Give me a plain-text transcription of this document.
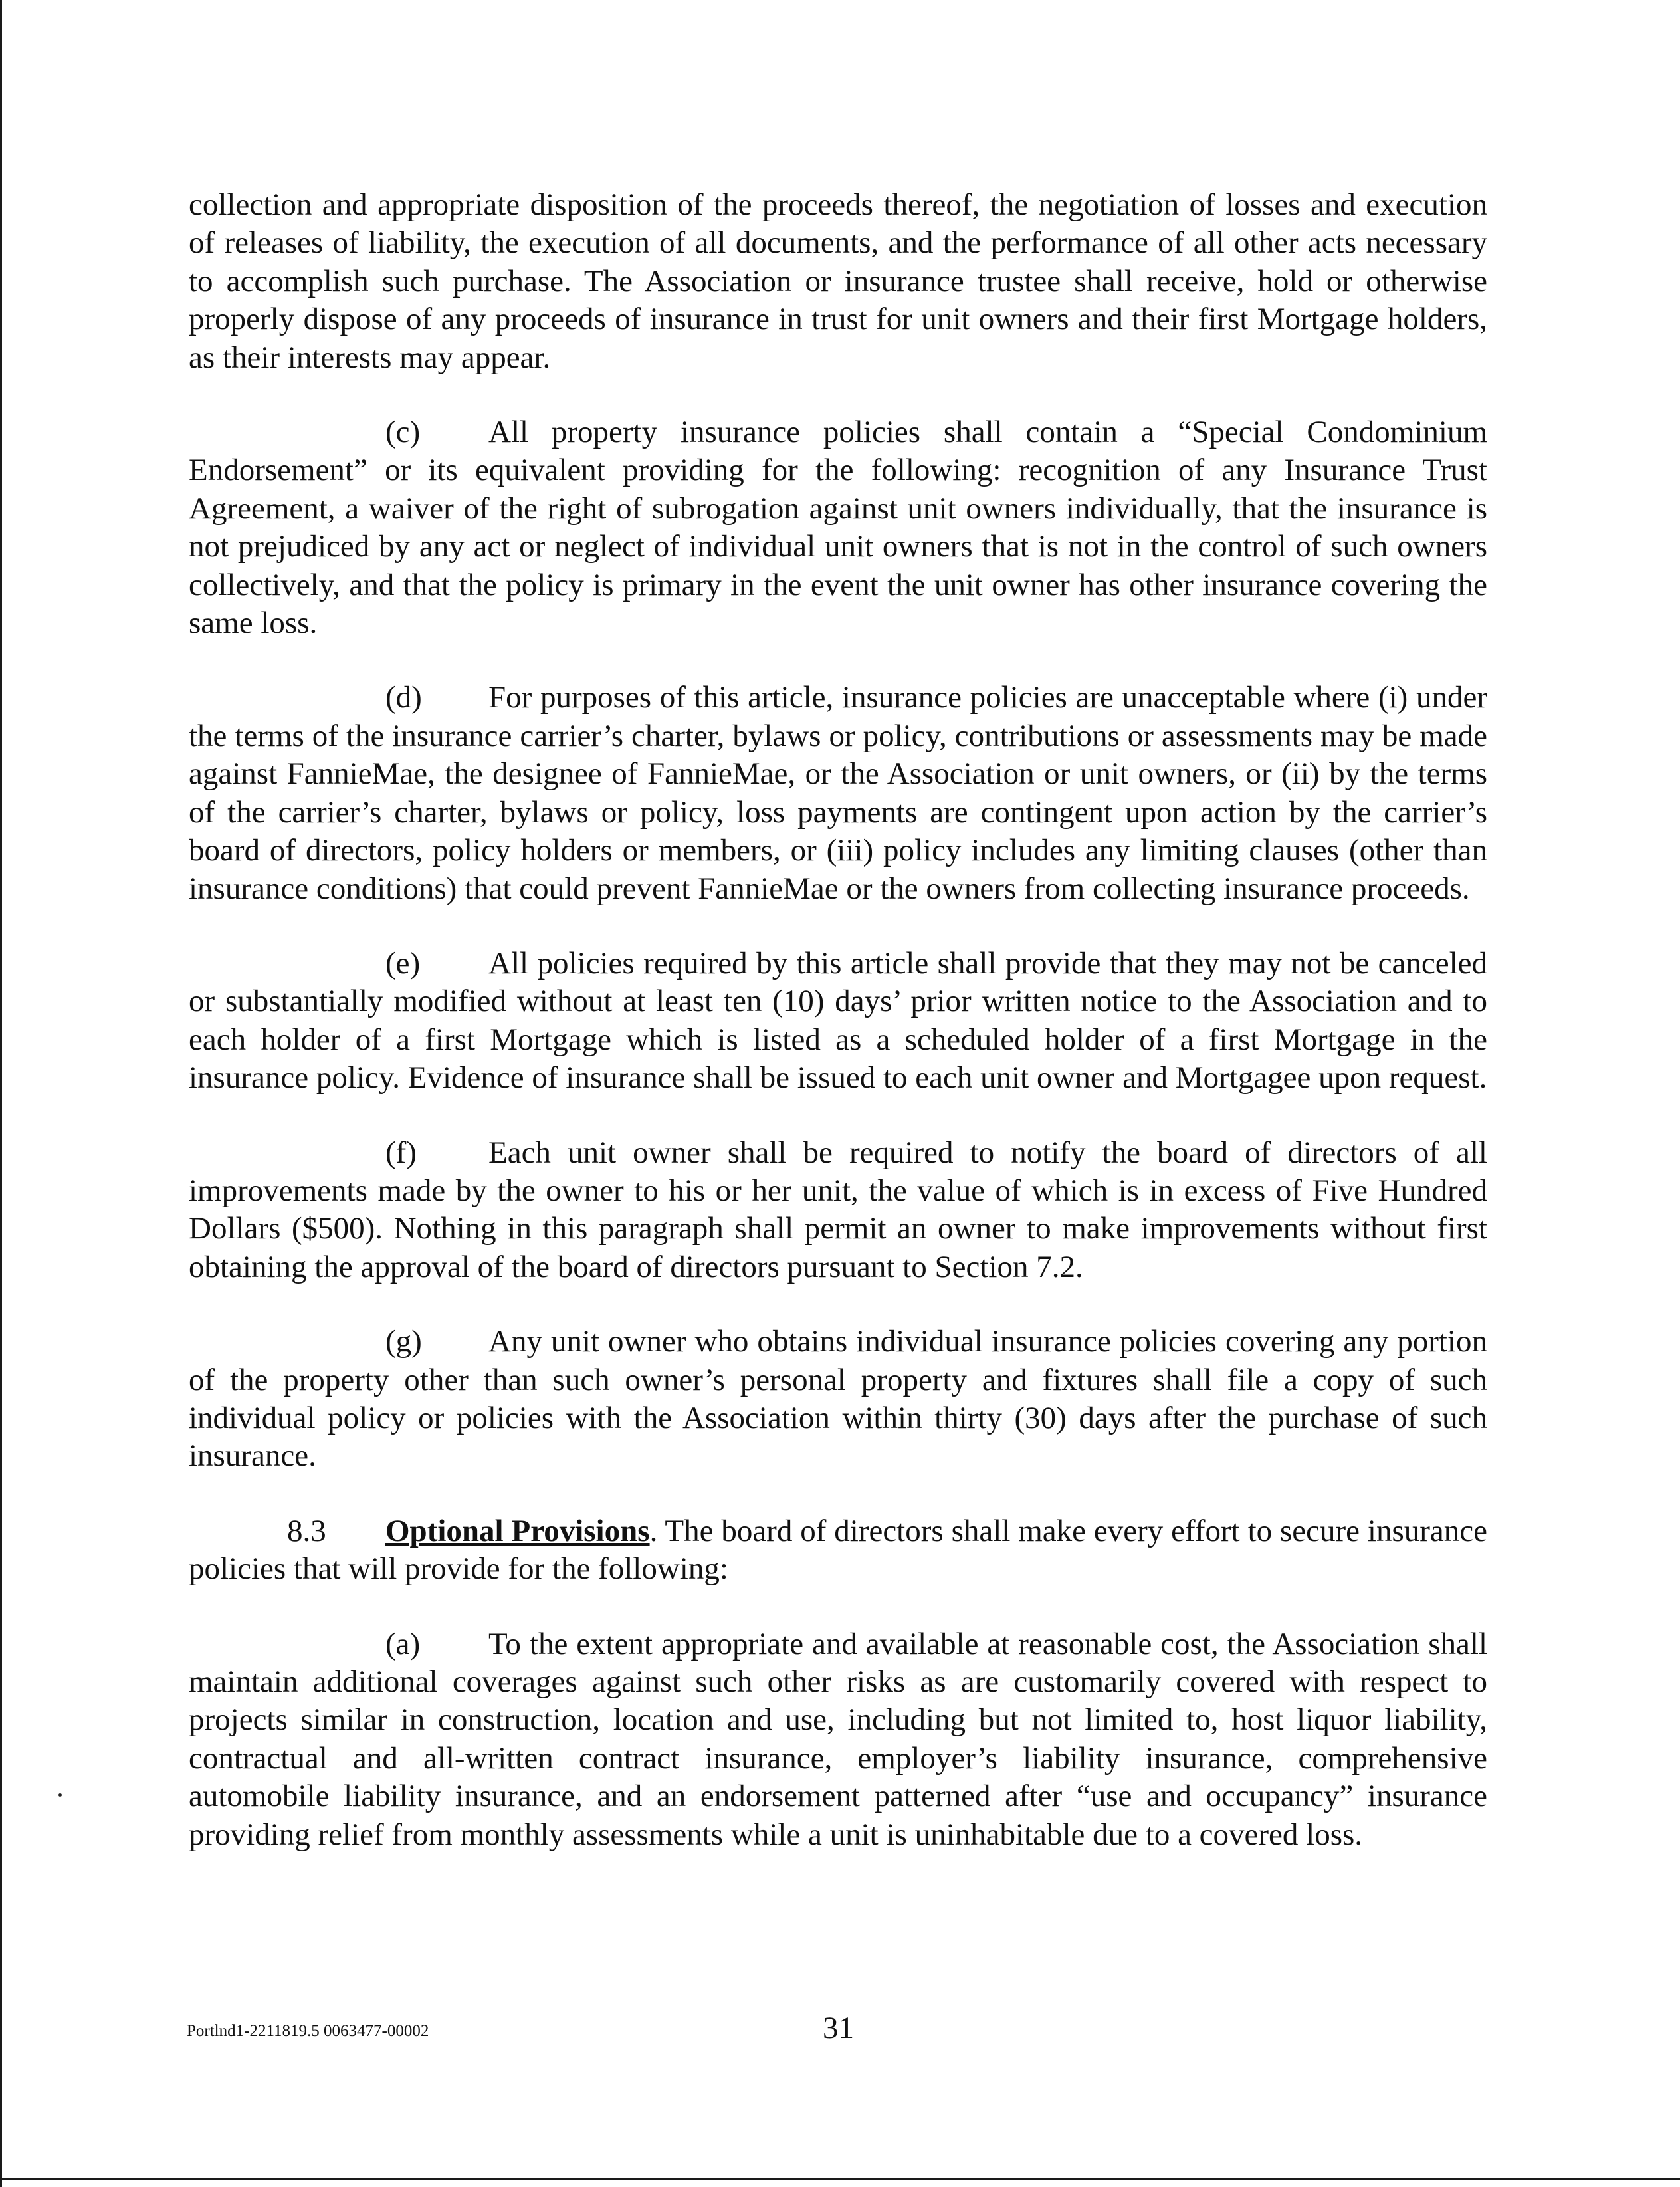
collection and appropriate disposition of the proceeds thereof, the negotiation of losses and execution of releases of liability, the execution of all documents, and the performance of all other acts necessary to accomplish such purchase. The Association or insurance trustee shall receive, hold or otherwise properly dispose of any proceeds of insurance in trust for unit owners and their first Mortgage holders, as their interests may appear.

(c) All property insurance policies shall contain a “Special Condominium Endorsement” or its equivalent providing for the following: recognition of any Insurance Trust Agreement, a waiver of the right of subrogation against unit owners individually, that the insurance is not prejudiced by any act or neglect of individual unit owners that is not in the control of such owners collectively, and that the policy is primary in the event the unit owner has other insurance covering the same loss.

(d) For purposes of this article, insurance policies are unacceptable where (i) under the terms of the insurance carrier’s charter, bylaws or policy, contributions or assessments may be made against FannieMae, the designee of FannieMae, or the Association or unit owners, or (ii) by the terms of the carrier’s charter, bylaws or policy, loss payments are contingent upon action by the carrier’s board of directors, policy holders or members, or (iii) policy includes any limiting clauses (other than insurance conditions) that could prevent FannieMae or the owners from collecting insurance proceeds.

(e) All policies required by this article shall provide that they may not be canceled or substantially modified without at least ten (10) days’ prior written notice to the Association and to each holder of a first Mortgage which is listed as a scheduled holder of a first Mortgage in the insurance policy. Evidence of insurance shall be issued to each unit owner and Mortgagee upon request.

(f) Each unit owner shall be required to notify the board of directors of all improvements made by the owner to his or her unit, the value of which is in excess of Five Hundred Dollars ($500). Nothing in this paragraph shall permit an owner to make improvements without first obtaining the approval of the board of directors pursuant to Section 7.2.

(g) Any unit owner who obtains individual insurance policies covering any portion of the property other than such owner’s personal property and fixtures shall file a copy of such individual policy or policies with the Association within thirty (30) days after the purchase of such insurance.

8.3 Optional Provisions. The board of directors shall make every effort to secure insurance policies that will provide for the following:

(a) To the extent appropriate and available at reasonable cost, the Association shall maintain additional coverages against such other risks as are customarily covered with respect to projects similar in construction, location and use, including but not limited to, host liquor liability, contractual and all-written contract insurance, employer’s liability insurance, comprehensive automobile liability insurance, and an endorsement patterned after “use and occupancy” insurance providing relief from monthly assessments while a unit is uninhabitable due to a covered loss.

Portlnd1-2211819.5 0063477-00002	31
